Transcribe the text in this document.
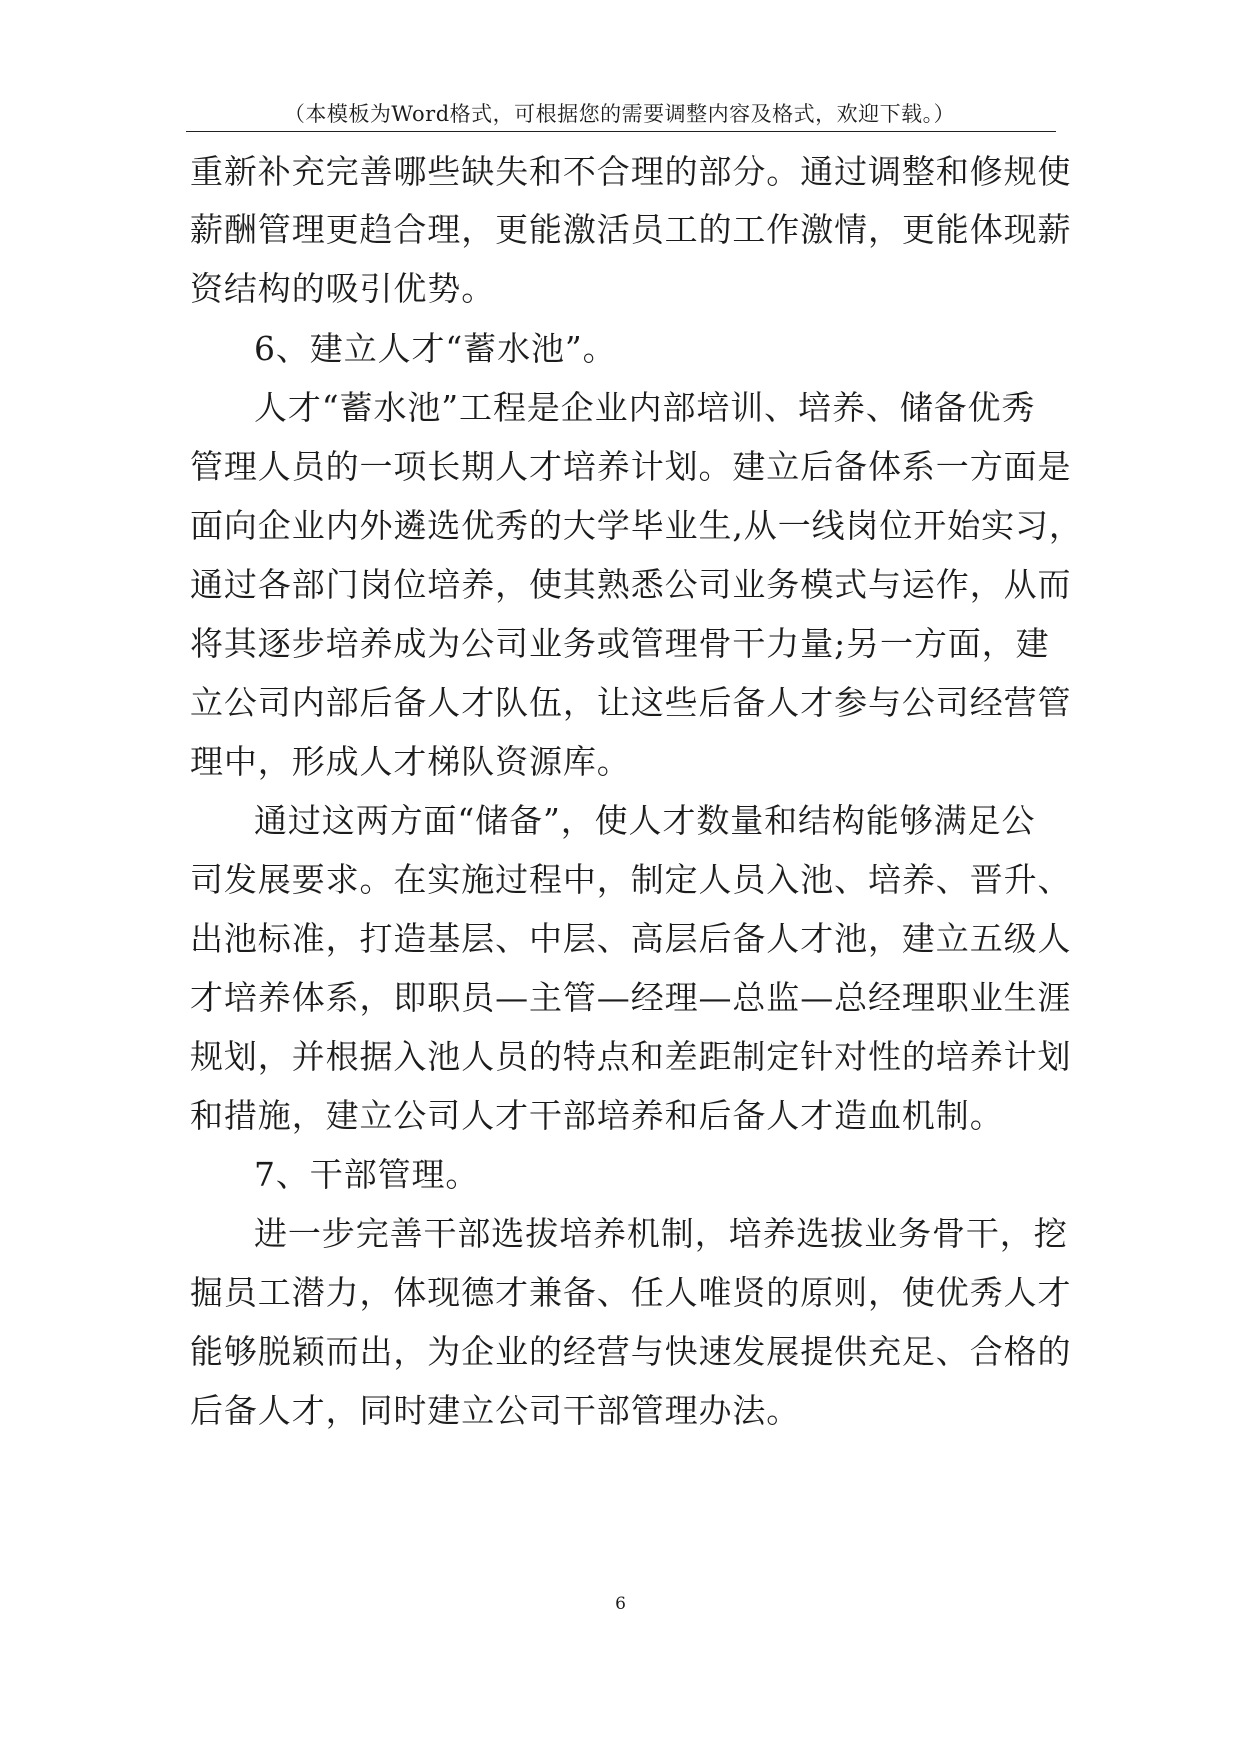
（本模板为Word格式，可根据您的需要调整内容及格式，欢迎下载。）
重新补充完善哪些缺失和不合理的部分。通过调整和修规使
薪酬管理更趋合理，更能激活员工的工作激情，更能体现薪
资结构的吸引优势。
6、建立人才“蓄水池”。
人才“蓄水池”工程是企业内部培训、培养、储备优秀
管理人员的一项长期人才培养计划。建立后备体系一方面是
面向企业内外遴选优秀的大学毕业生,从一线岗位开始实习，
通过各部门岗位培养，使其熟悉公司业务模式与运作，从而
将其逐步培养成为公司业务或管理骨干力量;另一方面，建
立公司内部后备人才队伍，让这些后备人才参与公司经营管
理中，形成人才梯队资源库。
通过这两方面“储备”，使人才数量和结构能够满足公
司发展要求。在实施过程中，制定人员入池、培养、晋升、
出池标准，打造基层、中层、高层后备人才池，建立五级人
才培养体系，即职员—主管—经理—总监—总经理职业生涯
规划，并根据入池人员的特点和差距制定针对性的培养计划
和措施，建立公司人才干部培养和后备人才造血机制。
7、干部管理。
进一步完善干部选拔培养机制，培养选拔业务骨干，挖
掘员工潜力，体现德才兼备、任人唯贤的原则，使优秀人才
能够脱颖而出，为企业的经营与快速发展提供充足、合格的
后备人才，同时建立公司干部管理办法。
6
